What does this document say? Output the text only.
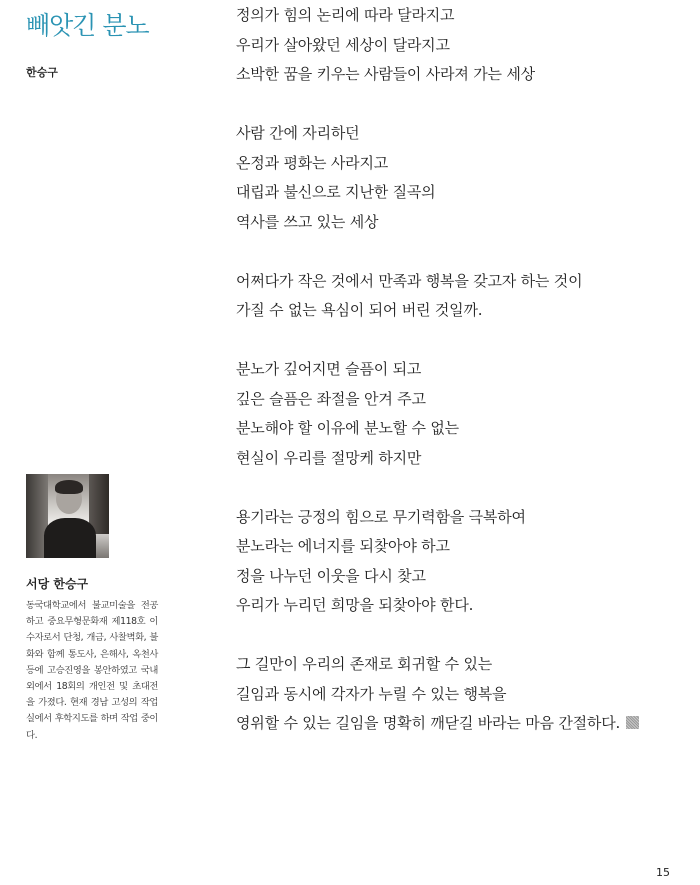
빼앗긴 분노
한승구
정의가 힘의 논리에 따라 달라지고
우리가 살아왔던 세상이 달라지고
소박한 꿈을 키우는 사람들이 사라져 가는 세상
사람 간에 자리하던
온정과 평화는 사라지고
대립과 불신으로 지난한 질곡의
역사를 쓰고 있는 세상
어쩌다가 작은 것에서 만족과 행복을 갖고자 하는 것이
가질 수 없는 욕심이 되어 버린 것일까.
분노가 깊어지면 슬픔이 되고
깊은 슬픔은 좌절을 안겨 주고
분노해야 할 이유에 분노할 수 없는
현실이 우리를 절망케 하지만
용기라는 긍정의 힘으로 무기력함을 극복하여
분노라는 에너지를 되찾아야 하고
정을 나누던 이웃을 다시 찾고
우리가 누리던 희망을 되찾아야 한다.
그 길만이 우리의 존재로 회귀할 수 있는
길임과 동시에 각자가 누릴 수 있는 행복을
영위할 수 있는 길임을 명확히 깨닫길 바라는 마음 간절하다.
서당 한승구
동국대학교에서 불교미술을 전공하고 중요무형문화재 제118호 이수자로서 단청, 개금, 사찰벽화, 불화와 함께 통도사, 은해사, 옥천사 등에 고승진영을 봉안하였고 국내외에서 18회의 개인전 및 초대전을 가졌다. 현재 경남 고성의 작업실에서 후학지도를 하며 작업 중이다.
15
